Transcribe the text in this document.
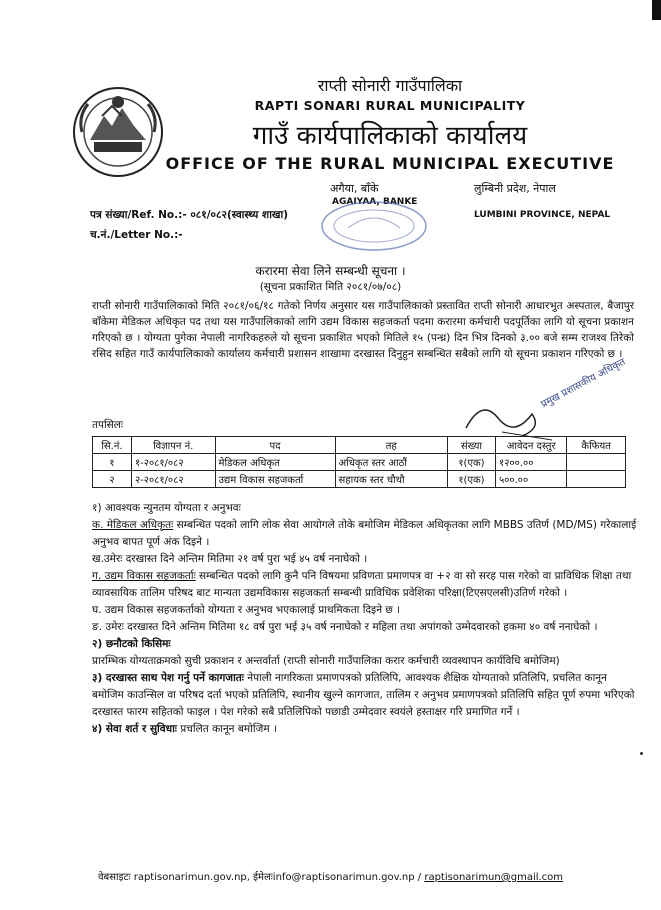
राप्ती सोनारी गाउँपालिका
RAPTI SONARI RURAL MUNICIPALITY
गाउँ कार्यपालिकाको कार्यालय
OFFICE OF THE RURAL MUNICIPAL EXECUTIVE
अगैया, बाँके
AGAIYAA, BANKE
लुम्बिनी प्रदेश, नेपाल
LUMBINI PROVINCE, NEPAL
पत्र संख्या/Ref. No.:- ०८१/०८२(स्वास्थ्य शाखा)
च.नं./Letter No.:-
करारमा सेवा लिने सम्बन्धी सूचना ।
(सूचना प्रकाशित मिति २०८१/०७/०८)
राप्ती सोनारी गाउँपालिकाको मिति २०८१/०६/१८ गतेको निर्णय अनुसार यस गाउँपालिकाको प्रस्तावित राप्ती सोनारी आधारभुत अस्पताल, बैजापुर बाँकेमा मेडिकल अधिकृत पद तथा यस गाउँपालिकाको लागि उद्यम विकास सहजकर्ता पदमा करारमा कर्मचारी पदपूर्तिका लागि यो सूचना प्रकाशन गरिएको छ । योग्यता पुगेका नेपाली नागरिकहरुले यो सूचना प्रकाशित भएको मितिले १५ (पन्ध्र) दिन भित्र दिनको ३.०० बजे सम्म राजश्व तिरेको रसिद सहित गाउँ कार्यपालिकाको कार्यालय कर्मचारी प्रशासन शाखामा दरखास्त दिनुहुन सम्बन्धित सबैको लागि यो सूचना प्रकाशन गरिएको छ ।
प्रमुख प्रशासकीय अधिकृत
तपसिलः
सि.नं.	विज्ञापन नं.	पद	तह	संख्या	आवेदन दस्तुर	कैफियत
१	१-२०८१/०८२	मेडिकल अधिकृत	अधिकृत स्तर आठौं	१(एक)	१२००.००	
२	२-२०८१/०८२	उद्यम विकास सहजकर्ता	सहायक स्तर चौथौ	१(एक)	५००.००	
१) आवश्यक न्युनतम योग्यता र अनुभवः
क. मेडिकल अधिकृतः सम्बन्धित पदको लागि लोक सेवा आयोगले तोके बमोजिम मेडिकल अधिकृतका लागि MBBS उतिर्ण (MD/MS) गरेकालाई अनुभव बापत पूर्ण अंक दिइने ।
ख.उमेरः दरखास्त दिने अन्तिम मितिमा २१ वर्ष पुरा भई ४५ वर्ष ननाघेको ।
ग. उद्यम विकास सहजकर्ताः सम्बन्धित पदको लागि कुनै पनि विषयमा प्रविणता प्रमाणपत्र वा +२ वा सो सरह पास गरेको वा प्राविधिक शिक्षा तथा व्यावसायिक तालिम परिषद बाट मान्यता उद्यमविकास सहजकर्ता सम्बन्धी प्राविधिक प्रवेशिका परिक्षा(टिएसएलसी)उतिर्ण गरेको ।
घ. उद्यम विकास सहजकर्ताको योग्यता र अनुभव भएकालाई प्राथमिकता दिइने छ ।
ङ. उमेरः दरखास्त दिने अन्तिम मितिमा १८ वर्ष पुरा भई ३५ वर्ष ननाघेको र महिला तथा अपांगको उम्मेदवारको हकमा ४० वर्ष ननाघेको ।
२) छनौटको किसिमः
प्रारम्भिक योग्यताक्रमको सुची प्रकाशन र अन्तर्वार्ता (राप्ती सोनारी गाउँपालिका करार कर्मचारी व्यवस्थापन कार्यविधि बमोजिम)
३) दरखास्त साथ पेश गर्नु पर्ने कागजातः नेपाली नागरिकता प्रमाणपत्रको प्रतिलिपि, आवश्यक शैक्षिक योग्यताको प्रतिलिपि, प्रचलित कानून बमोजिम काउन्सिल वा परिषद दर्ता भएको प्रतिलिपि, स्थानीय खुल्ने कागजात, तालिम र अनुभव प्रमाणपत्रको प्रतिलिपि सहित पूर्ण रुपमा भरिएको दरखास्त फारम सहितको फाइल । पेश गरेको सबै प्रतिलिपिको पछाडी उम्मेदवार स्वयंले हस्ताक्षर गरि प्रमाणित गर्ने ।
४) सेवा शर्त र सुविधाः प्रचलित कानून बमोजिम ।
वेबसाइटः raptisonarimun.gov.np, ईमेलःinfo@raptisonarimun.gov.np / raptisonarimun@gmail.com
